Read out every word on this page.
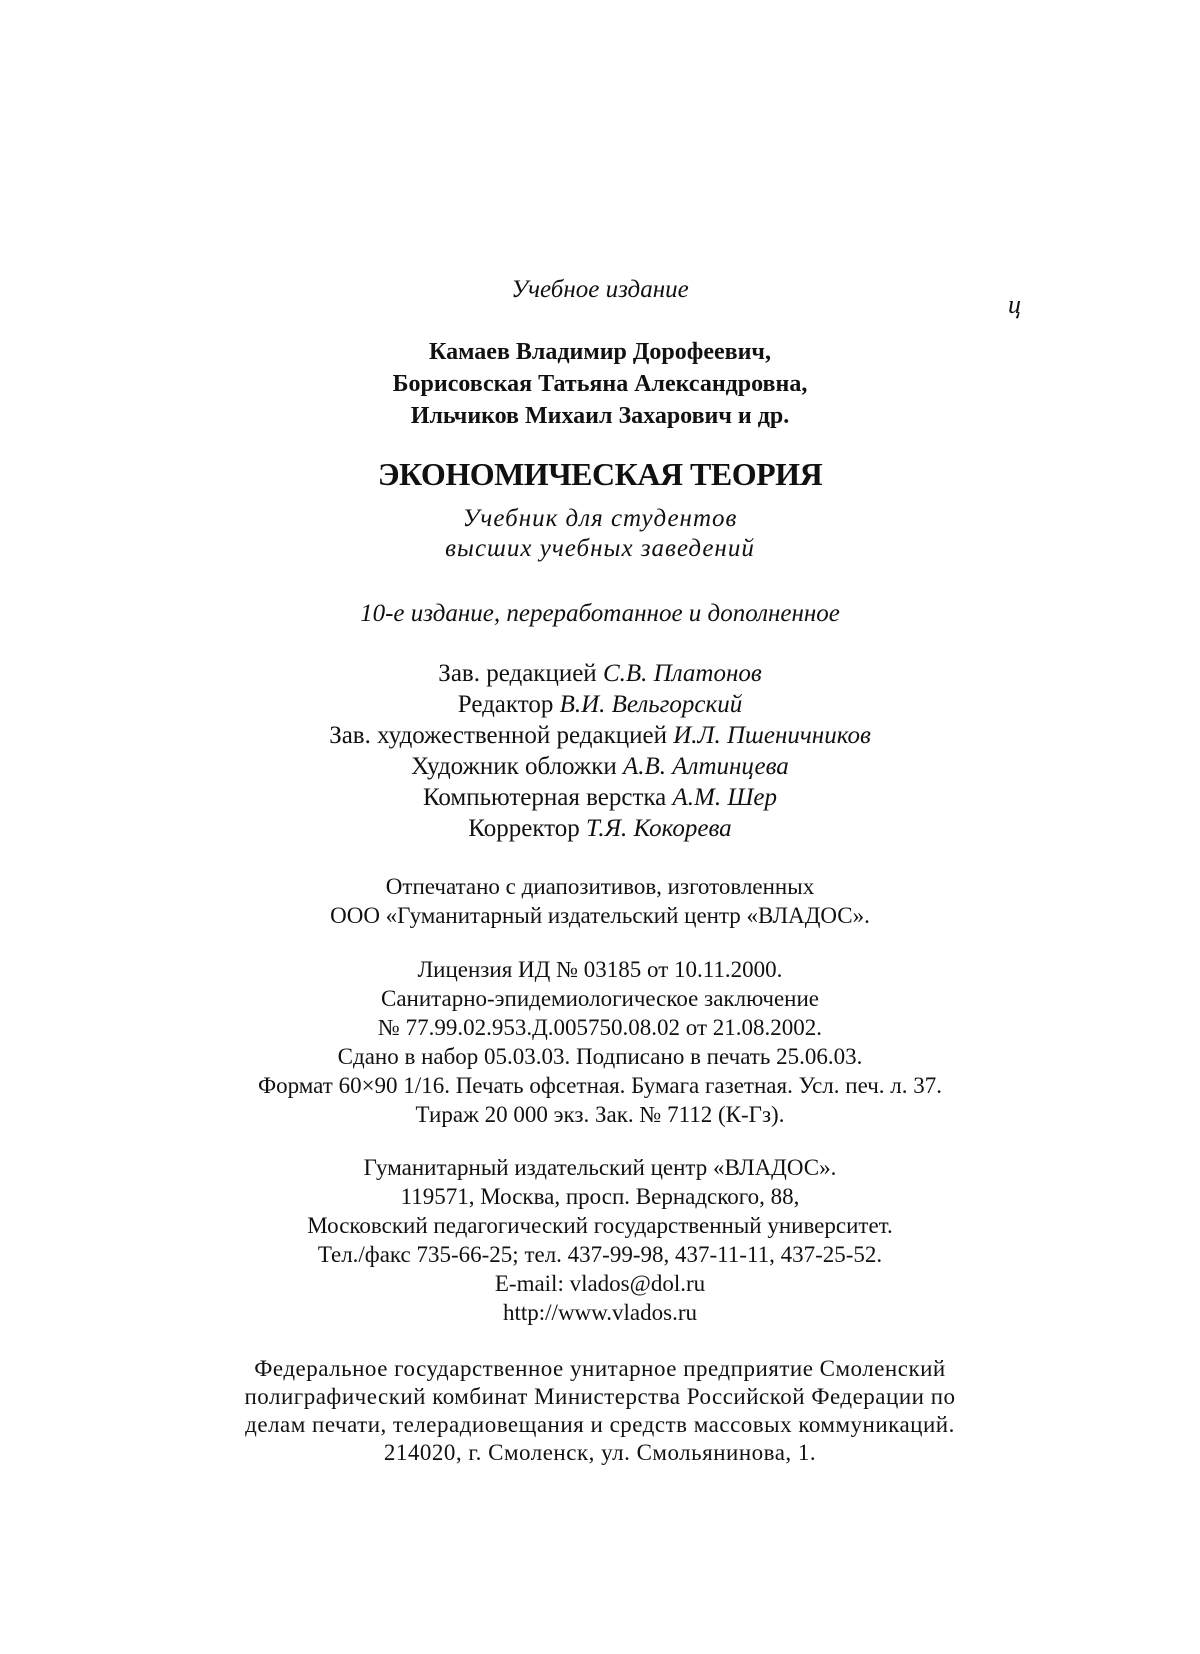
Учебное издание
ц
Камаев Владимир Дорофеевич,
Борисовская Татьяна Александровна,
Ильчиков Михаил Захарович и др.
ЭКОНОМИЧЕСКАЯ ТЕОРИЯ
Учебник для студентов
высших учебных заведений
10-е издание, переработанное и дополненное
Зав. редакцией С.В. Платонов
Редактор В.И. Вельгорский
Зав. художественной редакцией И.Л. Пшеничников
Художник обложки А.В. Алтинцева
Компьютерная верстка А.М. Шер
Корректор Т.Я. Кокорева
Отпечатано с диапозитивов, изготовленных
ООО «Гуманитарный издательский центр «ВЛАДОС».
Лицензия ИД № 03185 от 10.11.2000.
Санитарно-эпидемиологическое заключение
№ 77.99.02.953.Д.005750.08.02 от 21.08.2002.
Сдано в набор 05.03.03. Подписано в печать 25.06.03.
Формат 60×90 1/16. Печать офсетная. Бумага газетная. Усл. печ. л. 37.
Тираж 20 000 экз. Зак. № 7112 (К-Гз).
Гуманитарный издательский центр «ВЛАДОС».
119571, Москва, просп. Вернадского, 88,
Московский педагогический государственный университет.
Тел./факс 735-66-25; тел. 437-99-98, 437-11-11, 437-25-52.
E-mail: vlados@dol.ru
http://www.vlados.ru
Федеральное государственное унитарное предприятие Смоленский
полиграфический комбинат Министерства Российской Федерации по
делам печати, телерадиовещания и средств массовых коммуникаций.
214020, г. Смоленск, ул. Смольянинова, 1.
